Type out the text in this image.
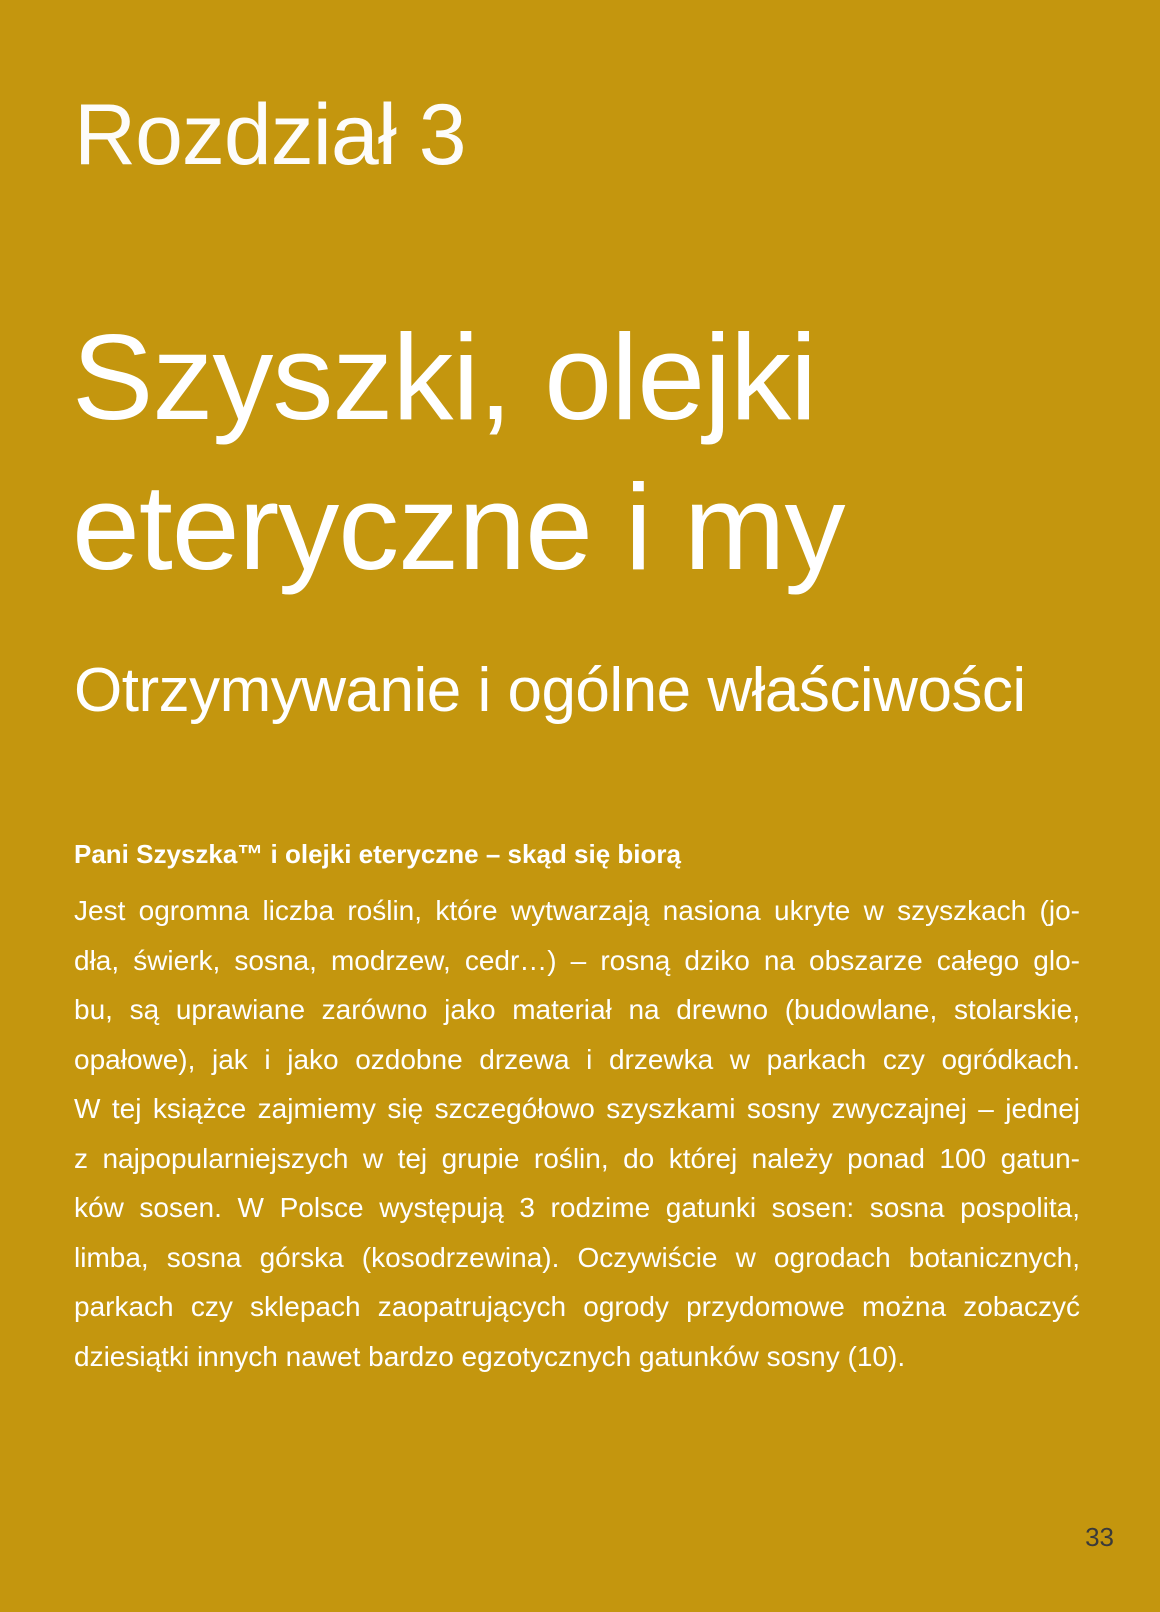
Rozdział 3
Szyszki, olejki
eteryczne i my
Otrzymywanie i ogólne właściwości
Pani Szyszka™ i olejki eteryczne – skąd się biorą

Jest ogromna liczba roślin, które wytwarzają nasiona ukryte w szyszkach (jo-
dła, świerk, sosna, modrzew, cedr…) – rosną dziko na obszarze całego glo-
bu, są uprawiane zarówno jako materiał na drewno (budowlane, stolarskie,
opałowe), jak i jako ozdobne drzewa i drzewka w parkach czy ogródkach.
W tej książce zajmiemy się szczegółowo szyszkami sosny zwyczajnej – jednej
z najpopularniejszych w tej grupie roślin, do której należy ponad 100 gatun-
ków sosen. W Polsce występują 3 rodzime gatunki sosen: sosna pospolita,
limba, sosna górska (kosodrzewina). Oczywiście w ogrodach botanicznych,
parkach czy sklepach zaopatrujących ogrody przydomowe można zobaczyć
dziesiątki innych nawet bardzo egzotycznych gatunków sosny (10).

33
